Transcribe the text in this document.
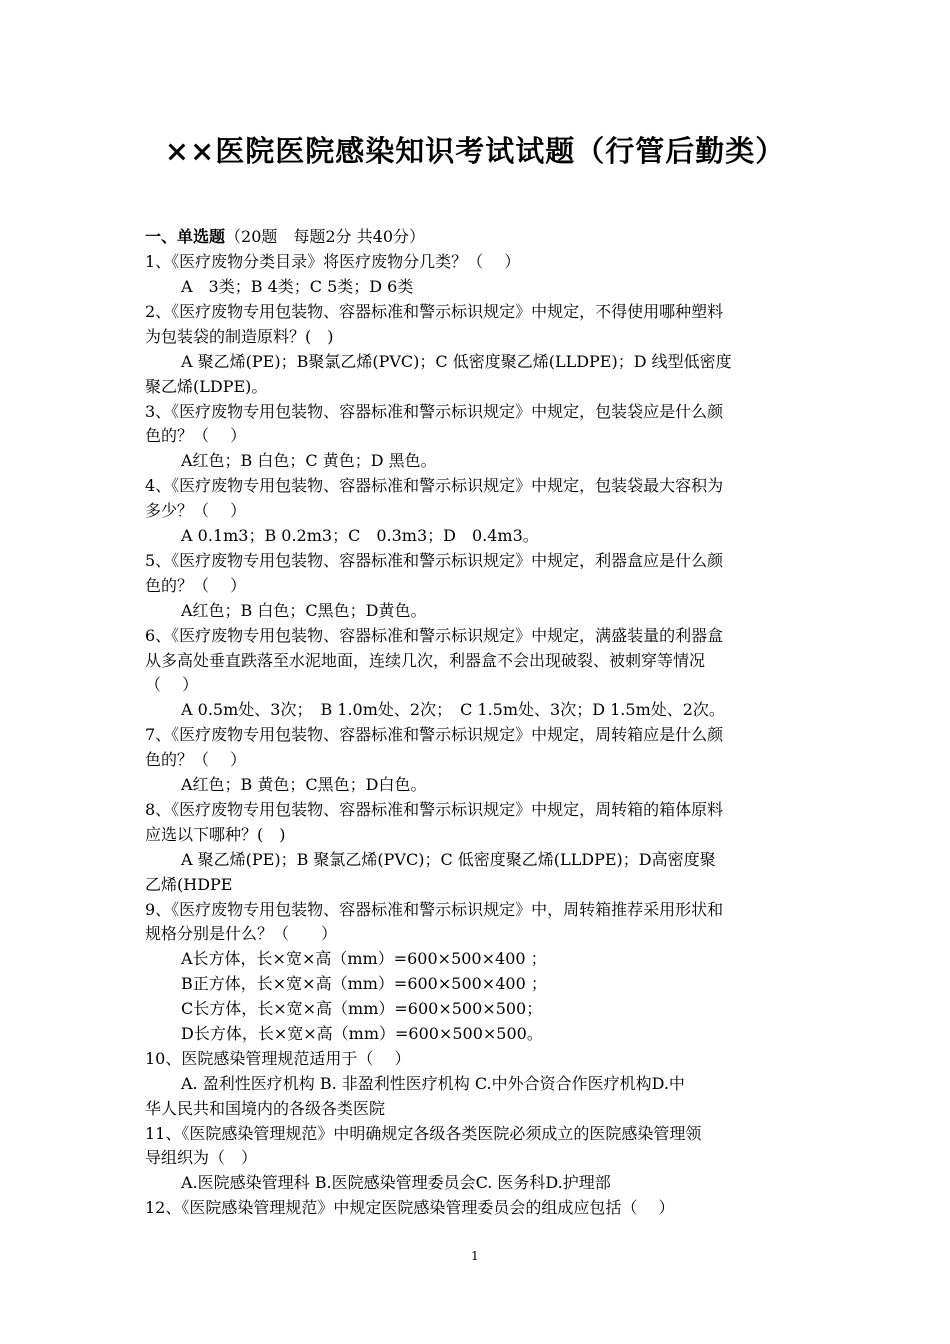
××医院医院感染知识考试试题（行管后勤类）
一、单选题（20题　每题2分 共40分）
1、《医疗废物分类目录》将医疗废物分几类？（　 ）
A　3类；B 4类；C 5类；D 6类
2、《医疗废物专用包装物、容器标准和警示标识规定》中规定，不得使用哪种塑料
为包装袋的制造原料？(　)
A 聚乙烯(PE)；B聚氯乙烯(PVC)；C 低密度聚乙烯(LLDPE)；D 线型低密度
聚乙烯(LDPE)。
3、《医疗废物专用包装物、容器标准和警示标识规定》中规定，包装袋应是什么颜
色的？（　 ）
A红色；B 白色；C 黄色；D 黑色。
4、《医疗废物专用包装物、容器标准和警示标识规定》中规定，包装袋最大容积为
多少？（　 ）
A 0.1m3；B 0.2m3；C　0.3m3；D　0.4m3。
5、《医疗废物专用包装物、容器标准和警示标识规定》中规定，利器盒应是什么颜
色的？（　 ）
A红色；B 白色；C黑色；D黄色。
6、《医疗废物专用包装物、容器标准和警示标识规定》中规定，满盛装量的利器盒
从多高处垂直跌落至水泥地面，连续几次，利器盒不会出现破裂、被刺穿等情况
（　 ）
A 0.5m处、3次；　B 1.0m处、2次；　C 1.5m处、3次；D 1.5m处、2次。
7、《医疗废物专用包装物、容器标准和警示标识规定》中规定，周转箱应是什么颜
色的？（　 ）
A红色；B 黄色；C黑色；D白色。
8、《医疗废物专用包装物、容器标准和警示标识规定》中规定，周转箱的箱体原料
应选以下哪种？(　)
A 聚乙烯(PE)；B 聚氯乙烯(PVC)；C 低密度聚乙烯(LLDPE)；D高密度聚
乙烯(HDPE
9、《医疗废物专用包装物、容器标准和警示标识规定》中，周转箱推荐采用形状和
规格分别是什么？（　　）
A长方体，长×宽×高（mm）=600×500×400 ；
B正方体，长×宽×高（mm）=600×500×400 ；
C长方体，长×宽×高（mm）=600×500×500；
D长方体，长×宽×高（mm）=600×500×500。
10、医院感染管理规范适用于（　 ）
A. 盈利性医疗机构 B. 非盈利性医疗机构 C.中外合资合作医疗机构D.中
华人民共和国境内的各级各类医院
11、《医院感染管理规范》中明确规定各级各类医院必须成立的医院感染管理领
导组织为（　）
A.医院感染管理科 B.医院感染管理委员会C. 医务科D.护理部
12、《医院感染管理规范》中规定医院感染管理委员会的组成应包括（　 ）
1
